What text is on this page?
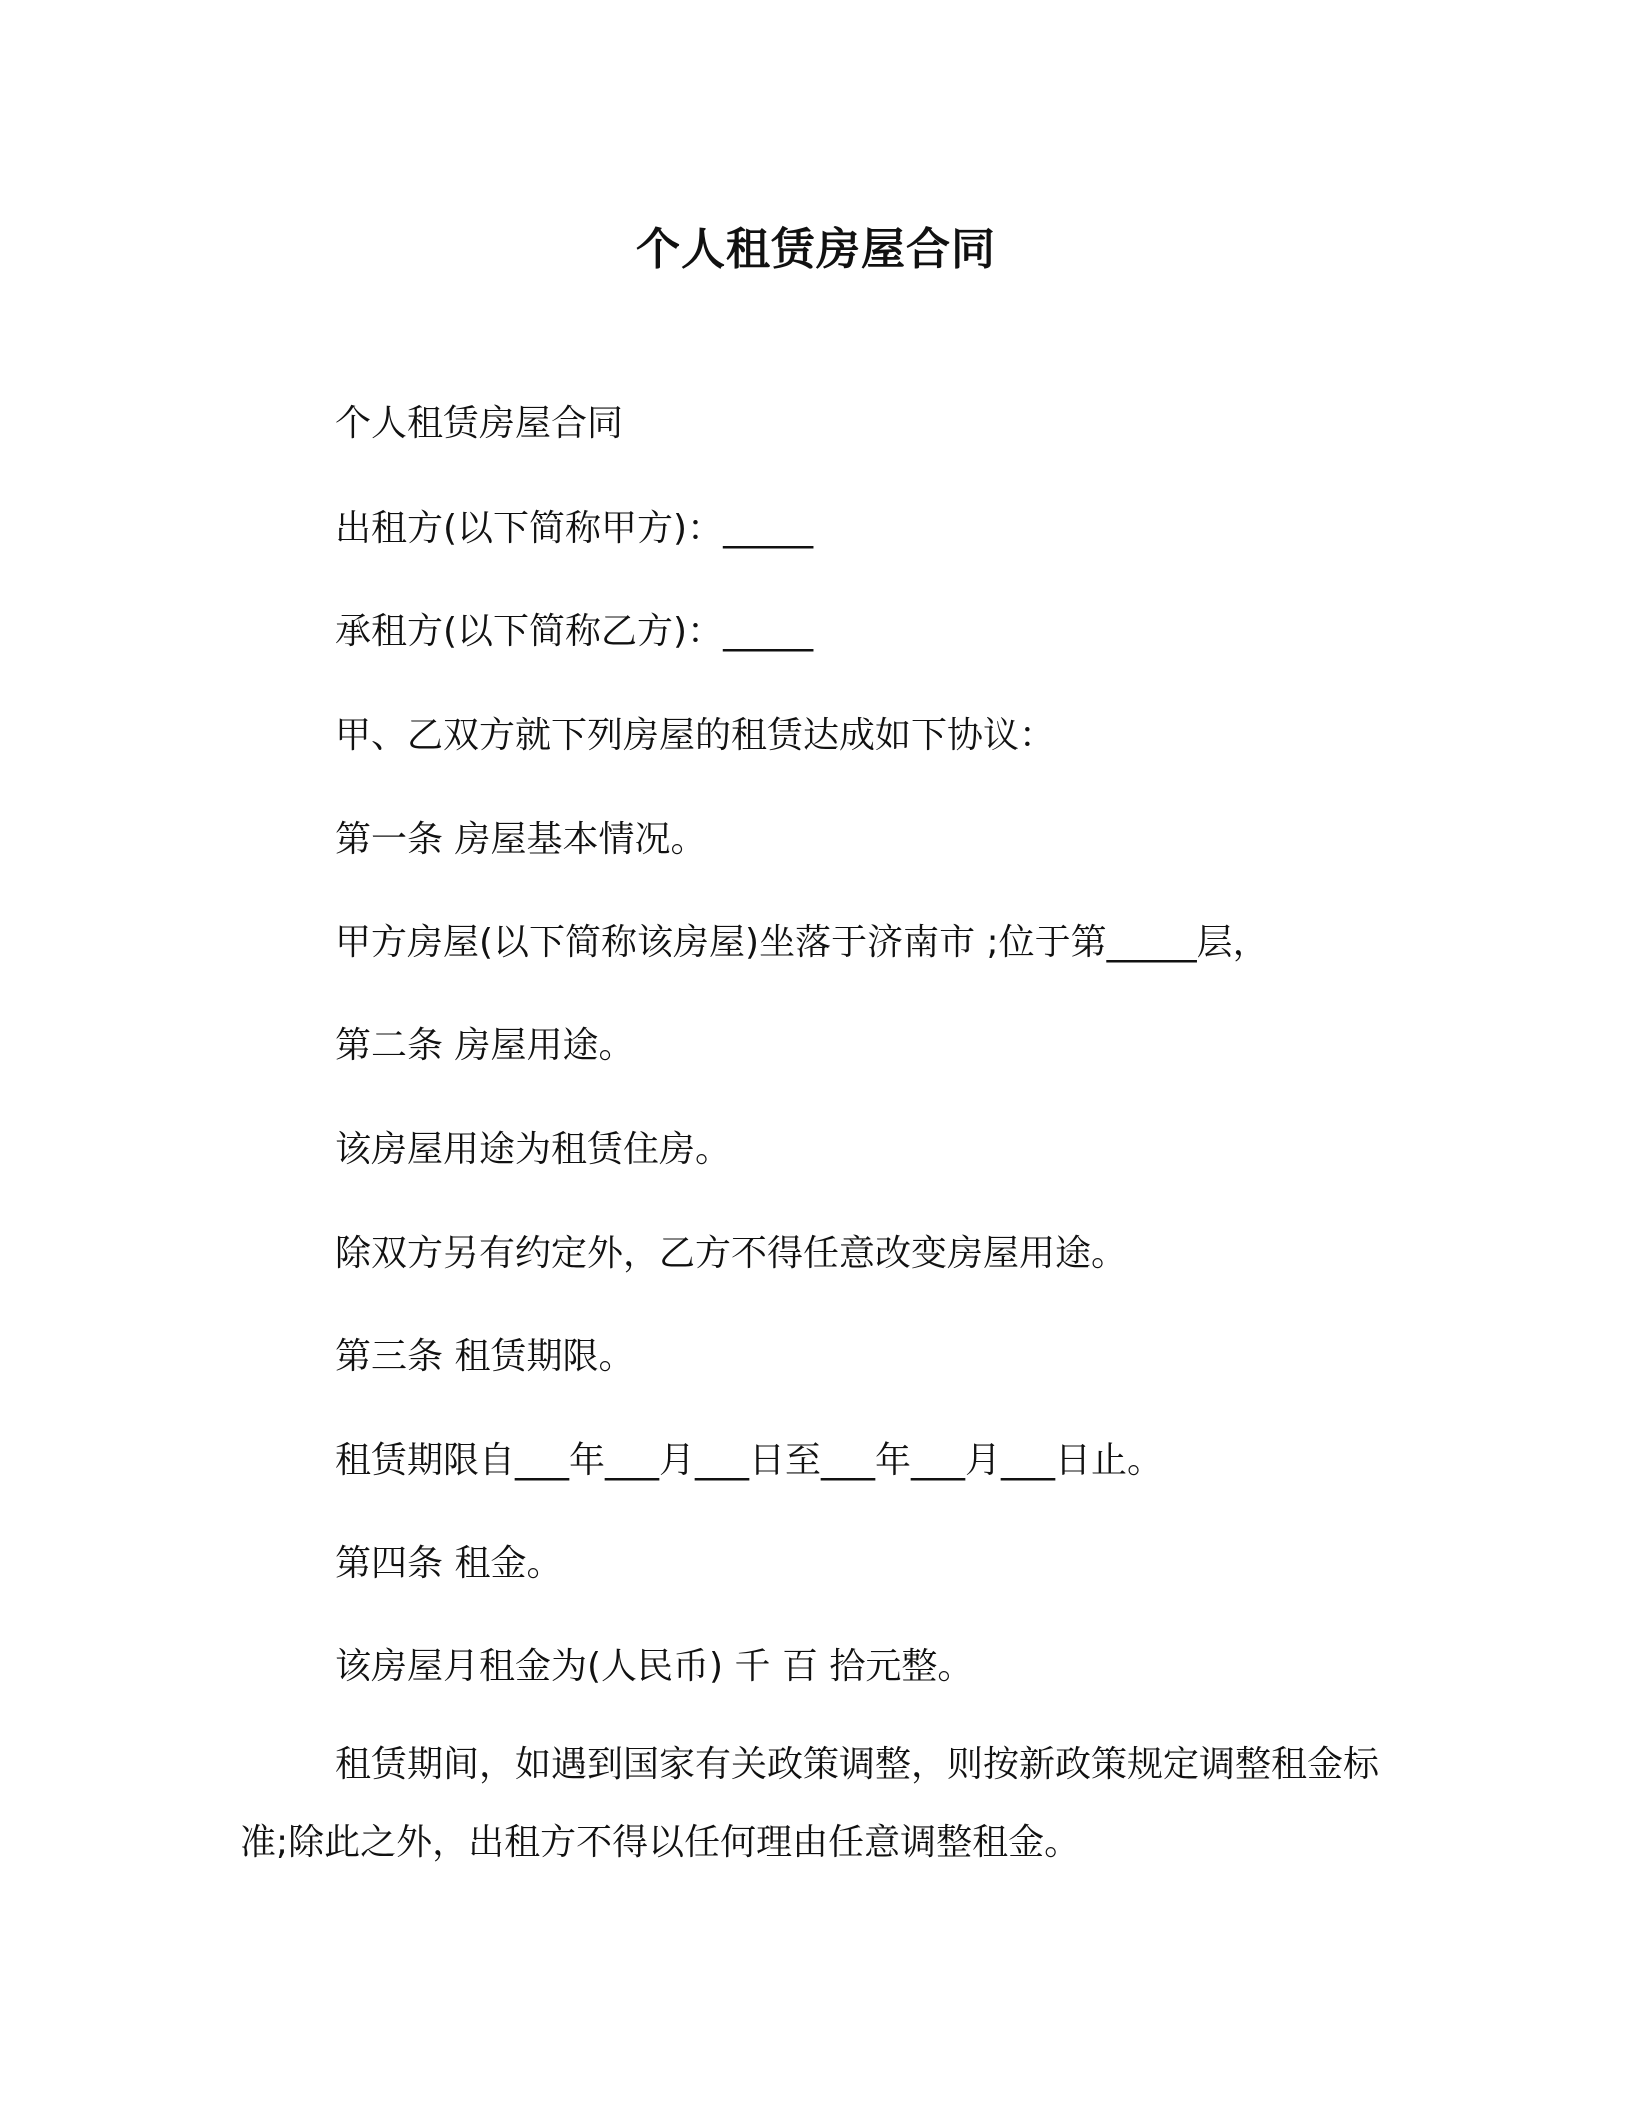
个人租赁房屋合同
个人租赁房屋合同
出租方(以下简称甲方)：_____
承租方(以下简称乙方)：_____
甲、乙双方就下列房屋的租赁达成如下协议：
第一条 房屋基本情况。
甲方房屋(以下简称该房屋)坐落于济南市 ;位于第_____层，
第二条 房屋用途。
该房屋用途为租赁住房。
除双方另有约定外，乙方不得任意改变房屋用途。
第三条 租赁期限。
租赁期限自___年___月___日至___年___月___日止。
第四条 租金。
该房屋月租金为(人民币) 千 百 拾元整。
租赁期间，如遇到国家有关政策调整，则按新政策规定调整租金标准;除此之外，出租方不得以任何理由任意调整租金。
